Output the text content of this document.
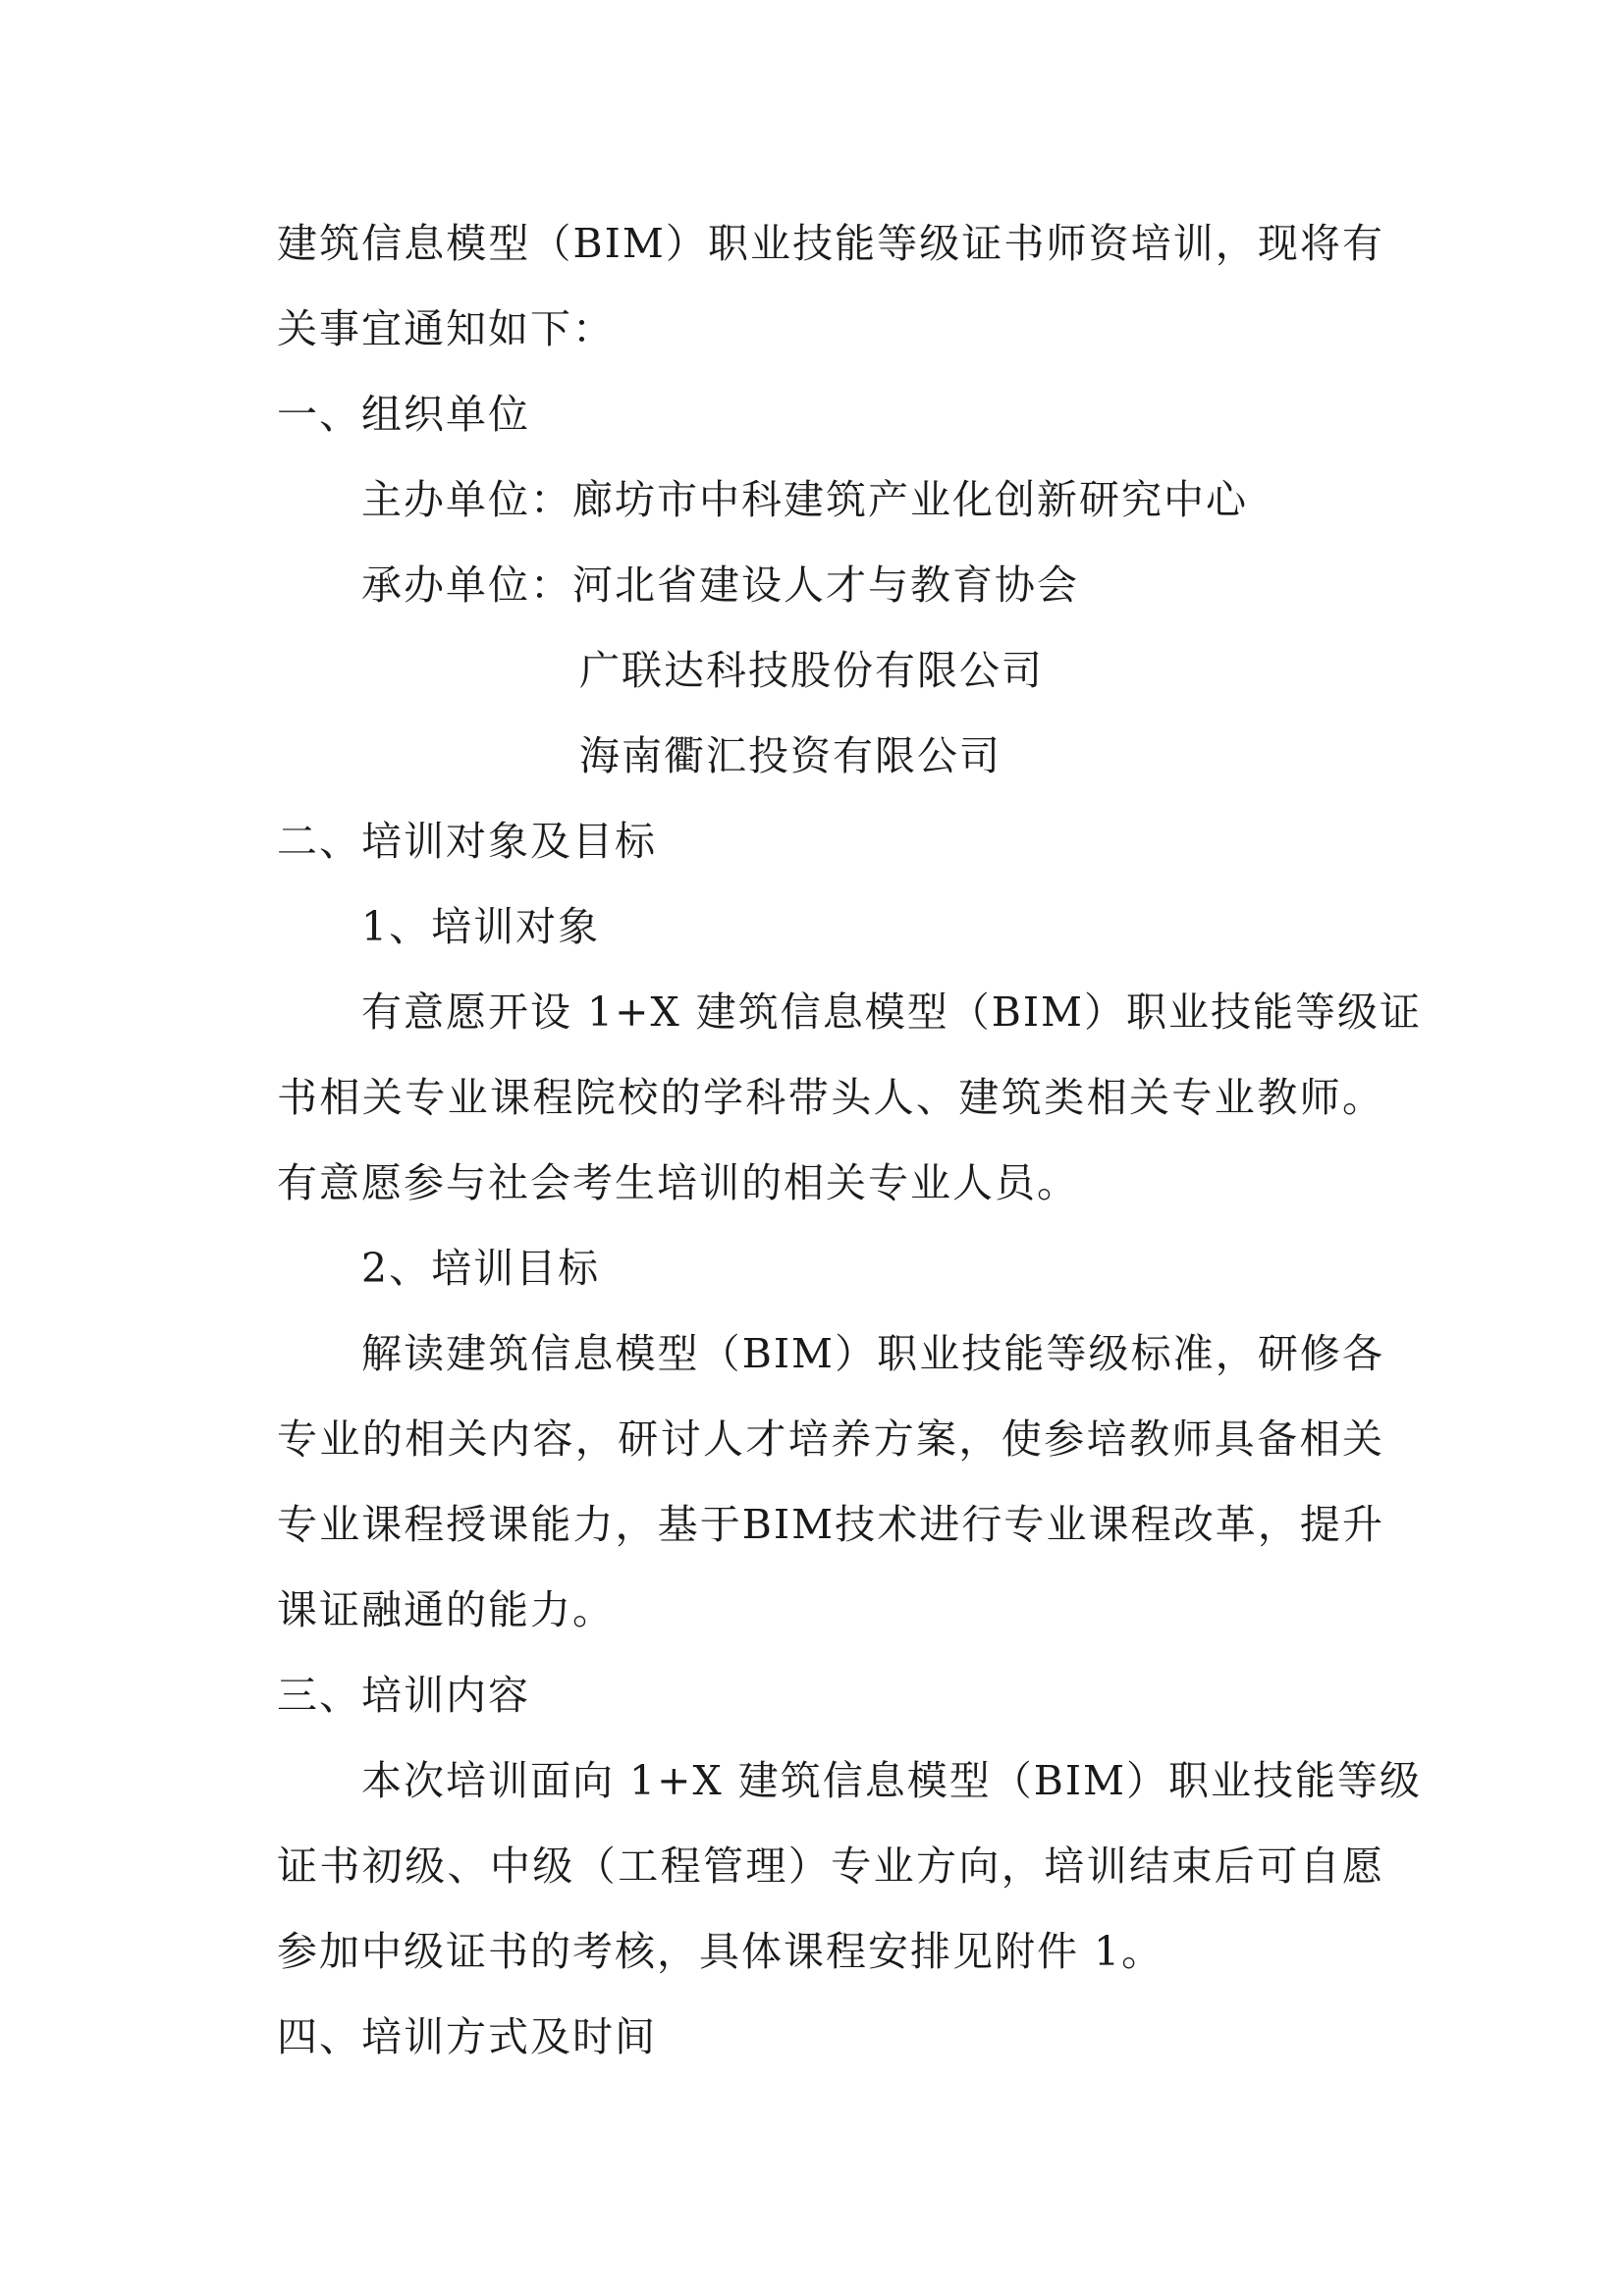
建筑信息模型（BIM）职业技能等级证书师资培训，现将有
关事宜通知如下：
一、组织单位
主办单位：廊坊市中科建筑产业化创新研究中心
承办单位：河北省建设人才与教育协会
广联达科技股份有限公司
海南衢汇投资有限公司
二、培训对象及目标
1、培训对象
有意愿开设 1+X 建筑信息模型（BIM）职业技能等级证
书相关专业课程院校的学科带头人、建筑类相关专业教师。
有意愿参与社会考生培训的相关专业人员。
2、培训目标
解读建筑信息模型（BIM）职业技能等级标准，研修各
专业的相关内容，研讨人才培养方案，使参培教师具备相关
专业课程授课能力，基于BIM技术进行专业课程改革，提升
课证融通的能力。
三、培训内容
本次培训面向 1+X 建筑信息模型（BIM）职业技能等级
证书初级、中级（工程管理）专业方向，培训结束后可自愿
参加中级证书的考核，具体课程安排见附件 1。
四、培训方式及时间
